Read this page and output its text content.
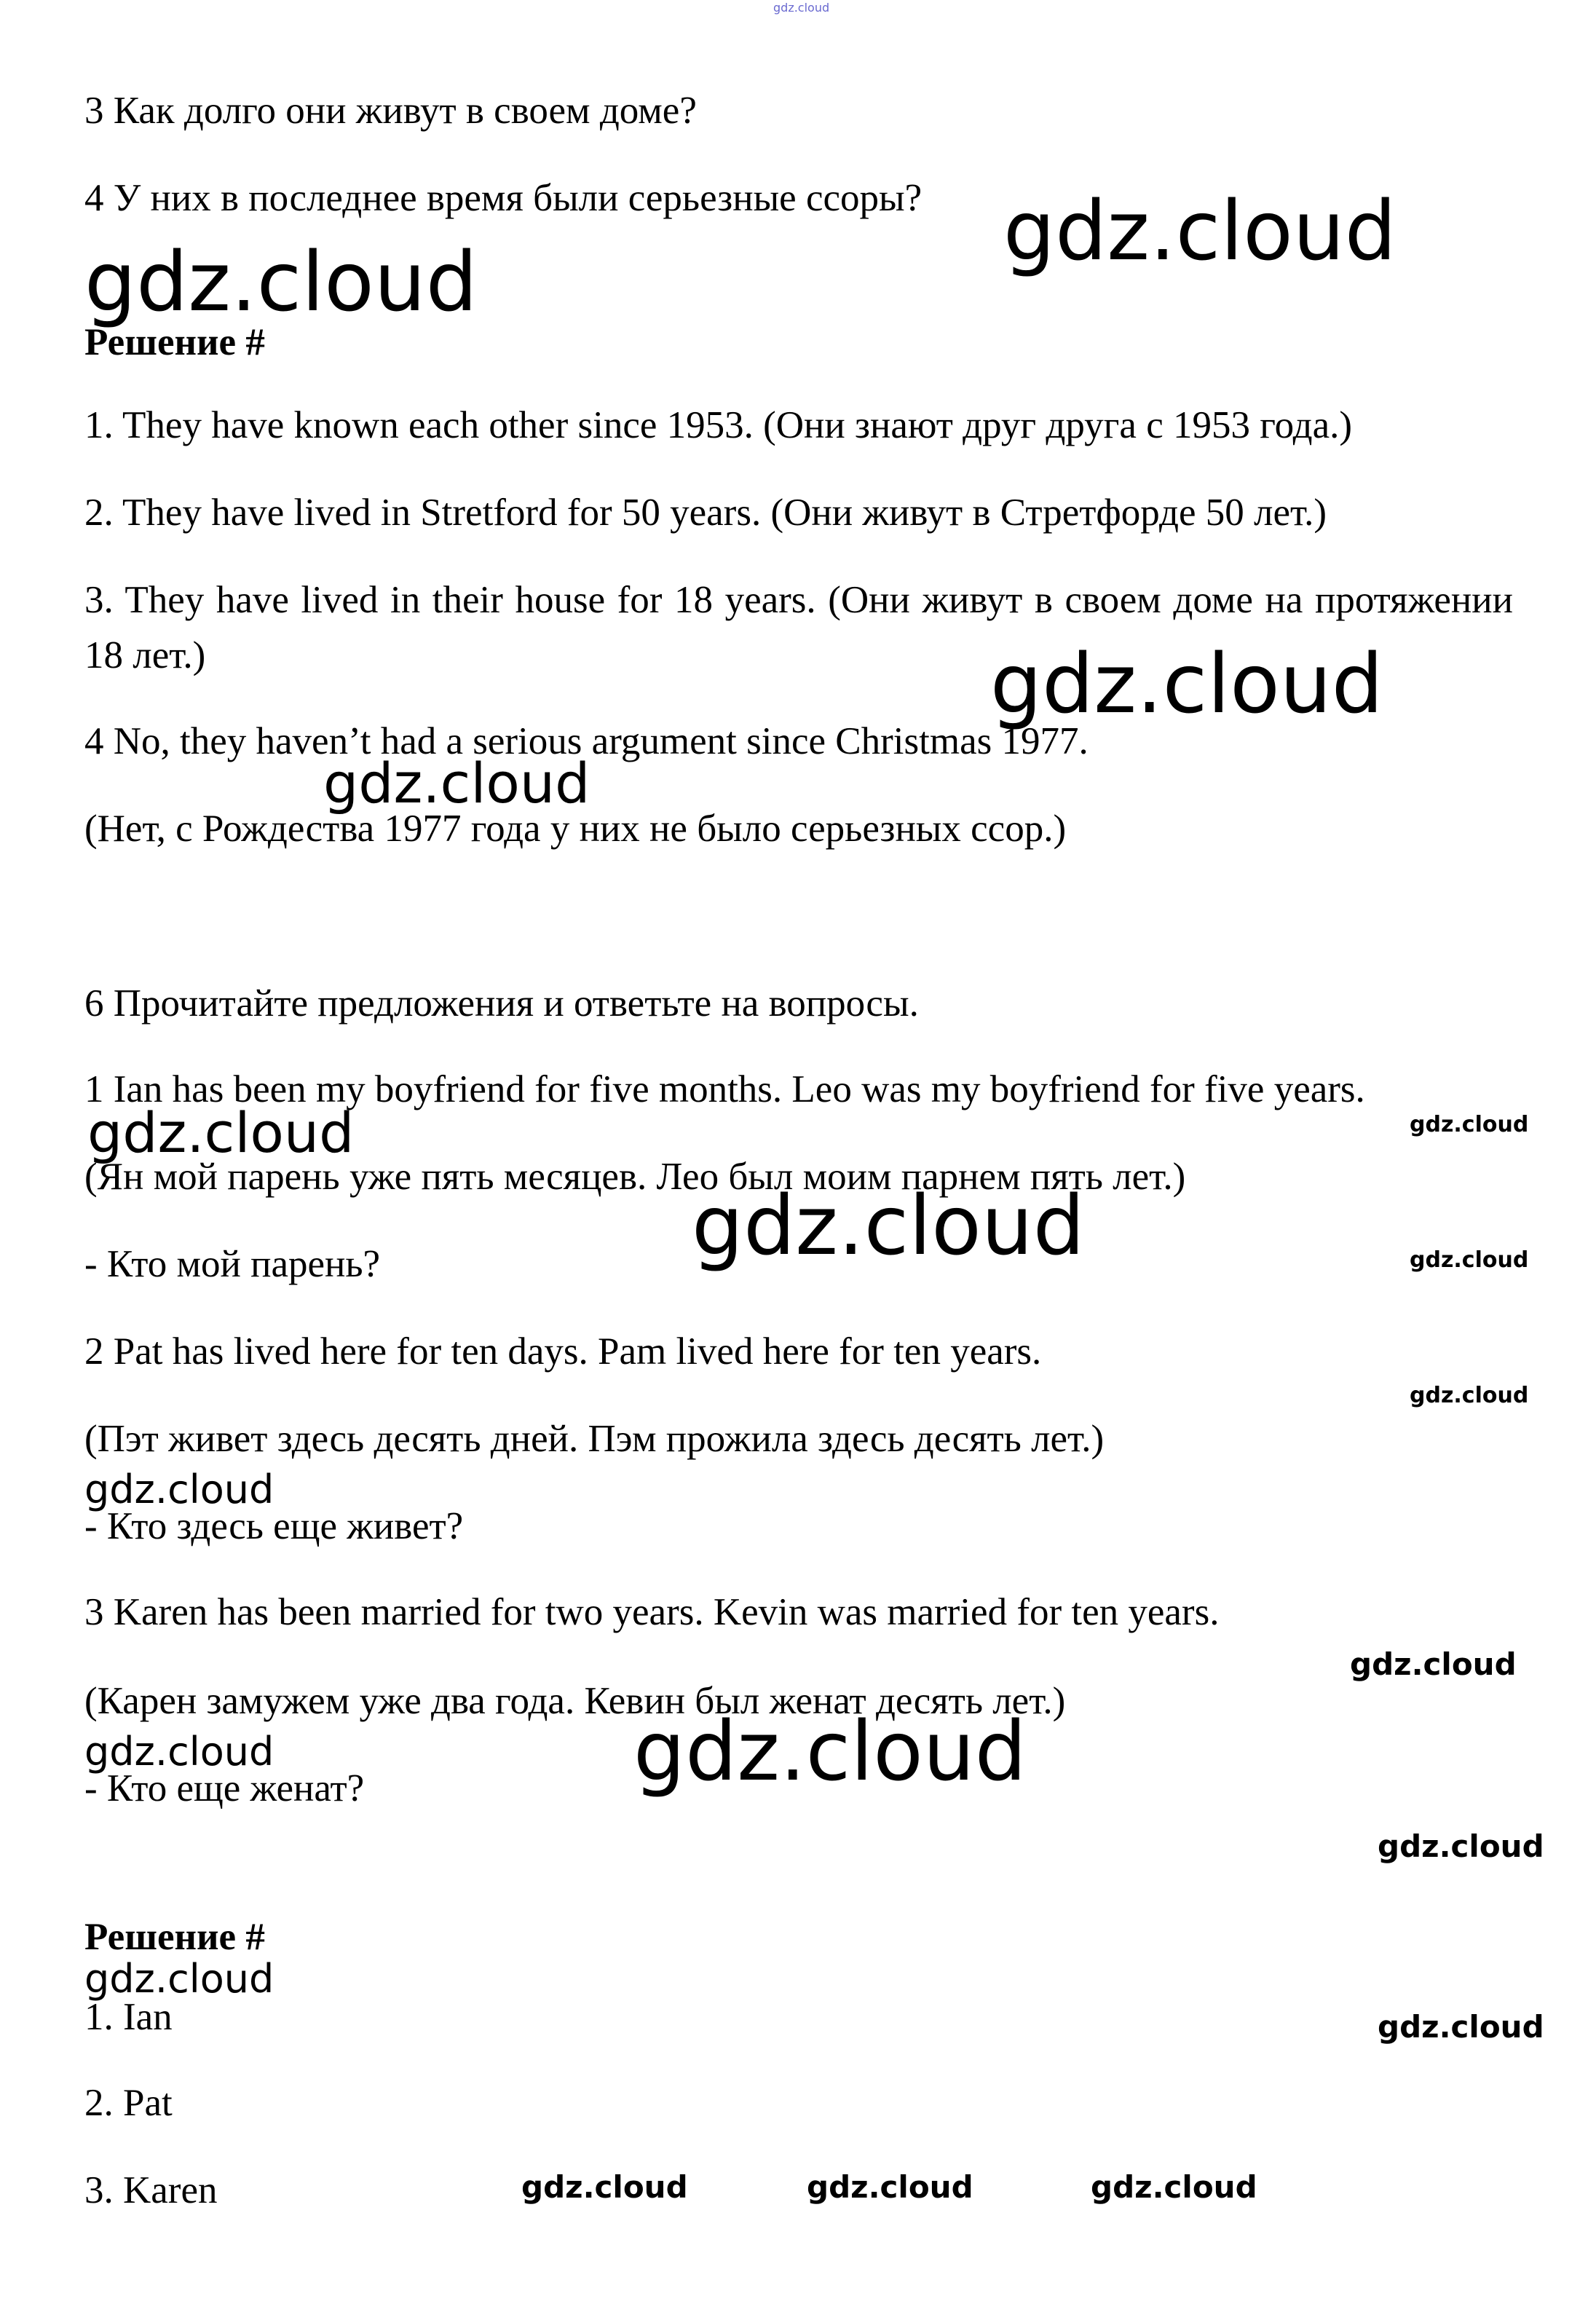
gdz.cloud
3 Как долго они живут в своем доме?
4 У них в последнее время были серьезные ссоры? gdz.cloud
gdz.cloud
Решение #
1. They have known each other since 1953. (Они знают друг друга с 1953 года.)
2. They have lived in Stretford for 50 years. (Они живут в Стретфорде 50 лет.)
3. They have lived in their house for 18 years. (Они живут в своем доме на протяжении 18 лет.)	gdz.cloud
4 No, they haven’t had a serious argument since Christmas 1977.
gdz.cloud
(Нет, с Рождества 1977 года у них не было серьезных ссор.)
6 Прочитайте предложения и ответьте на вопросы.
1 Ian has been my boyfriend for five months. Leo was my boyfriend for five years.
gdz.cloud	gdz.cloud
(Ян мой парень уже пять месяцев. Лео был моим парнем пять лет.)
gdz.cloud
- Кто мой парень?	gdz.cloud
2 Pat has lived here for ten days. Pam lived here for ten years.
gdz.cloud
(Пэт живет здесь десять дней. Пэм прожила здесь десять лет.)
gdz.cloud
- Кто здесь еще живет?
3 Karen has been married for two years. Kevin was married for ten years.
gdz.cloud
(Карен замужем уже два года. Кевин был женат десять лет.)
gdz.cloud
gdz.cloud
- Кто еще женат?
gdz.cloud
Решение #
gdz.cloud
1. Ian	gdz.cloud
2. Pat
3. Karen	gdz.cloud	gdz.cloud	gdz.cloud
